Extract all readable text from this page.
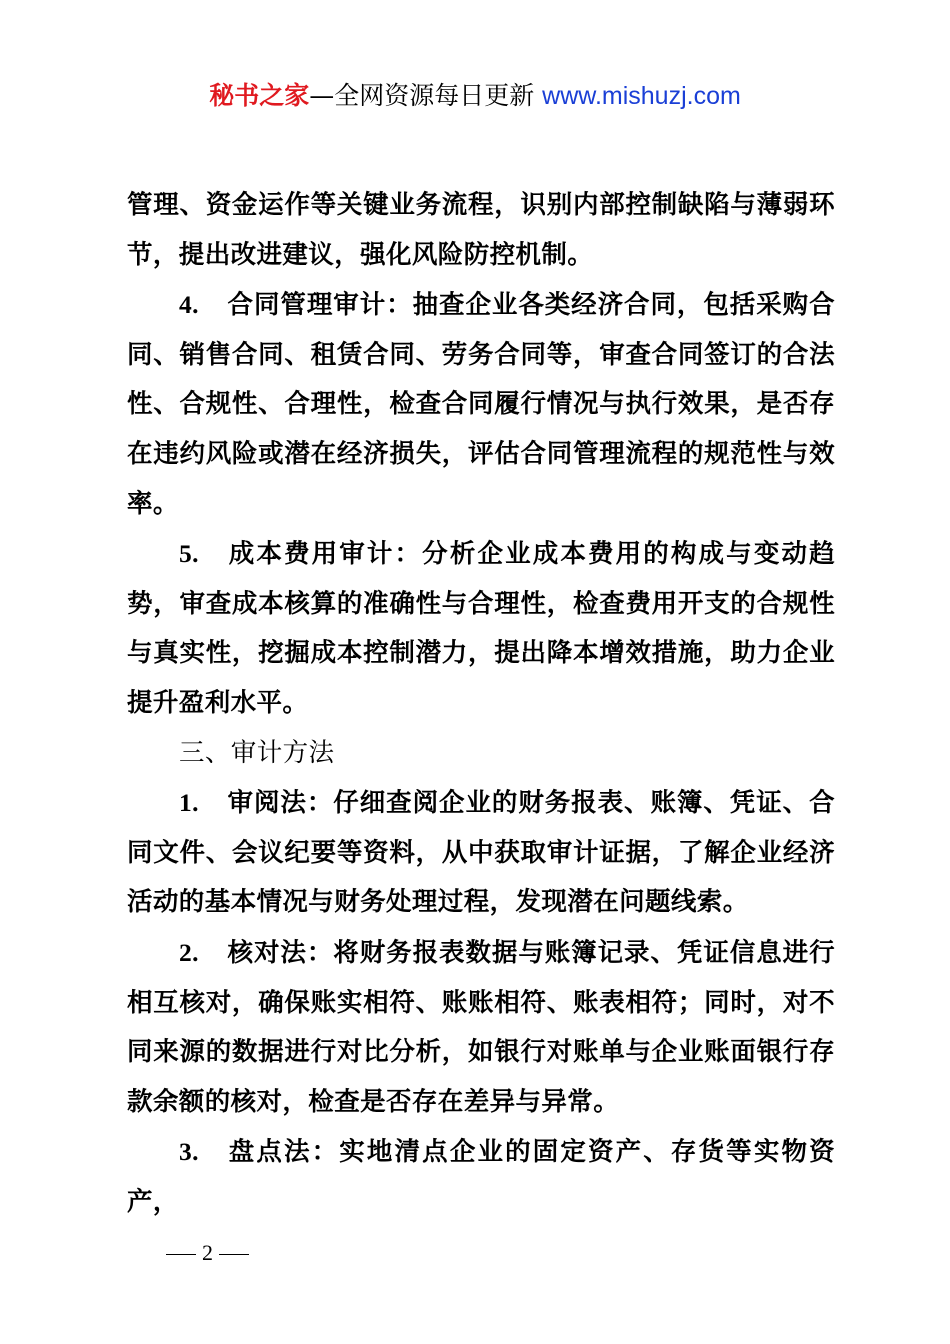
秘书之家—全网资源每日更新 www.mishuzj.com

管理、资金运作等关键业务流程，识别内部控制缺陷与薄弱环节，提出改进建议，强化风险防控机制。

4. 合同管理审计：抽查企业各类经济合同，包括采购合同、销售合同、租赁合同、劳务合同等，审查合同签订的合法性、合规性、合理性，检查合同履行情况与执行效果，是否存在违约风险或潜在经济损失，评估合同管理流程的规范性与效率。

5. 成本费用审计：分析企业成本费用的构成与变动趋势，审查成本核算的准确性与合理性，检查费用开支的合规性与真实性，挖掘成本控制潜力，提出降本增效措施，助力企业提升盈利水平。

三、审计方法

1. 审阅法：仔细查阅企业的财务报表、账簿、凭证、合同文件、会议纪要等资料，从中获取审计证据，了解企业经济活动的基本情况与财务处理过程，发现潜在问题线索。

2. 核对法：将财务报表数据与账簿记录、凭证信息进行相互核对，确保账实相符、账账相符、账表相符；同时，对不同来源的数据进行对比分析，如银行对账单与企业账面银行存款余额的核对，检查是否存在差异与异常。

3. 盘点法：实地清点企业的固定资产、存货等实物资产，

2
